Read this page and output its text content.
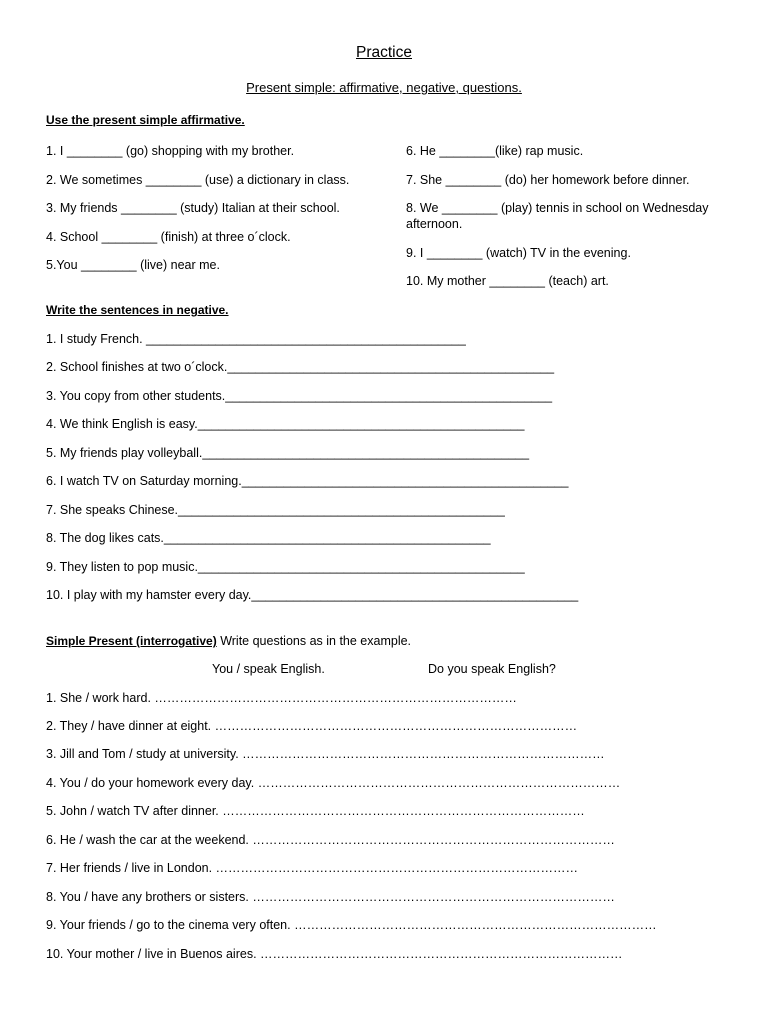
Practice
Present simple: affirmative, negative, questions.
Use the present simple affirmative.
1. I ________ (go) shopping with my brother.
2. We sometimes ________ (use) a dictionary in class.
3. My friends ________ (study) Italian at their school.
4. School ________ (finish) at three o´clock.
5.You ________ (live) near me.
6. He ________(like) rap music.
7. She ________ (do) her homework before dinner.
8. We ________ (play) tennis in school on Wednesday afternoon.
9. I ________ (watch) TV in the evening.
10. My mother ________ (teach) art.
Write the sentences in negative.
1. I study French. ______________________________________________
2. School finishes at two o´clock._______________________________________________
3. You copy from other students._______________________________________________
4. We think English is easy._______________________________________________
5. My friends play volleyball._______________________________________________
6. I watch TV on Saturday morning._______________________________________________
7. She speaks Chinese._______________________________________________
8. The dog likes cats._______________________________________________
9. They listen to pop music._______________________________________________
10. I play with my hamster every day._______________________________________________
Simple Present (interrogative) Write questions as in the example.
You / speak English.	Do you speak English?
1. She / work hard. ……………………………………………………………………………
2. They / have dinner at eight. ……………………………………………………………………………
3. Jill and Tom / study at university. ……………………………………………………………………………
4. You / do your homework every day. ……………………………………………………………………………
5. John / watch TV after dinner. ……………………………………………………………………………
6. He / wash the car at the weekend. ……………………………………………………………………………
7. Her friends / live in London. ……………………………………………………………………………
8. You / have any brothers or sisters. ……………………………………………………………………………
9. Your friends / go to the cinema very often. ……………………………………………………………………………
10. Your mother / live in Buenos aires. ……………………………………………………………………………
